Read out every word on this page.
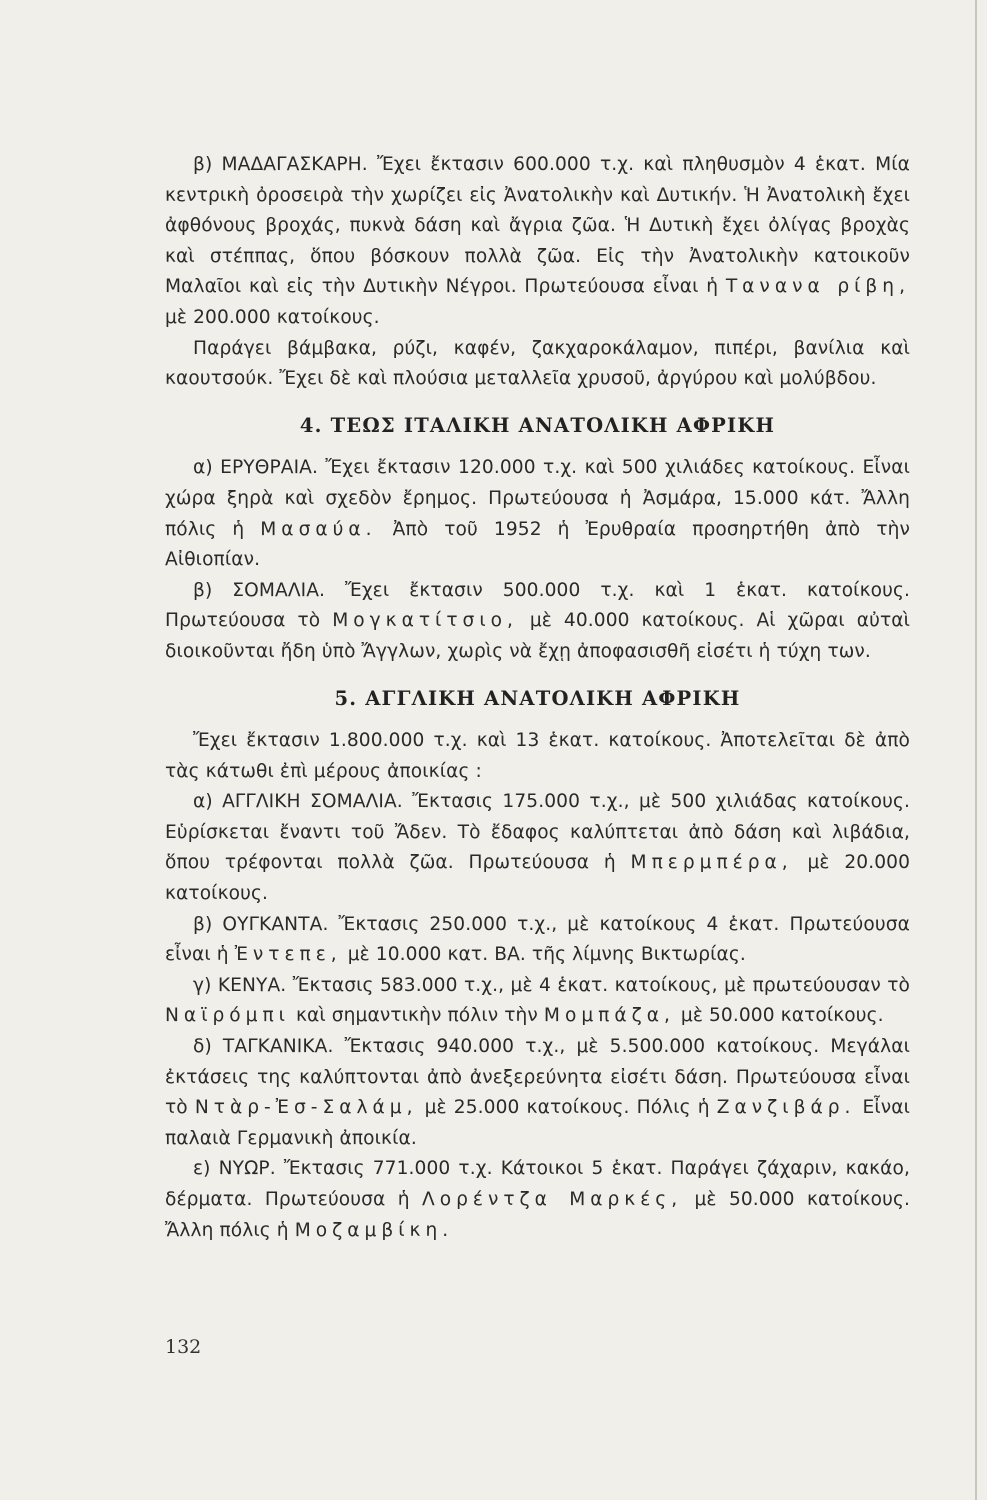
β) ΜΑΔΑΓΑΣΚΑΡΗ. Ἔχει ἔκτασιν 600.000 τ.χ. καὶ πληθυσμὸν 4 ἑκατ. Μία κεντρικὴ ὀροσειρὰ τὴν χωρίζει εἰς Ἀνατολικὴν καὶ Δυτικήν. Ἡ Ἀνατολικὴ ἔχει ἀφθόνους βροχάς, πυκνὰ δάση καὶ ἄγρια ζῶα. Ἡ Δυτικὴ ἔχει ὀλίγας βροχὰς καὶ στέππας, ὅπου βόσκουν πολλὰ ζῶα. Εἰς τὴν Ἀνατολικὴν κατοικοῦν Μαλαῖοι καὶ εἰς τὴν Δυτικὴν Νέγροι. Πρωτεύουσα εἶναι ἡ Τανανα ρίβη, μὲ 200.000 κατοίκους.

Παράγει βάμβακα, ρύζι, καφέν, ζακχαροκάλαμον, πιπέρι, βανίλια καὶ καουτσούκ. Ἔχει δὲ καὶ πλούσια μεταλλεῖα χρυσοῦ, ἀργύρου καὶ μολύβδου.

4. ΤΕΩΣ ΙΤΑΛΙΚΗ ΑΝΑΤΟΛΙΚΗ ΑΦΡΙΚΗ

α) ΕΡΥΘΡΑΙΑ. Ἔχει ἔκτασιν 120.000 τ.χ. καὶ 500 χιλιάδες κατοίκους. Εἶναι χώρα ξηρὰ καὶ σχεδὸν ἔρημος. Πρωτεύουσα ἡ Ἀσμάρα, 15.000 κάτ. Ἄλλη πόλις ἡ Μασαύα. Ἀπὸ τοῦ 1952 ἡ Ἐρυθραία προσηρτήθη ἀπὸ τὴν Αἰθιοπίαν.

β) ΣΟΜΑΛΙΑ. Ἔχει ἔκτασιν 500.000 τ.χ. καὶ 1 ἑκατ. κατοίκους. Πρωτεύουσα τὸ Μογκατίτσιο, μὲ 40.000 κατοίκους. Αἱ χῶραι αὐταὶ διοικοῦνται ἤδη ὑπὸ Ἄγγλων, χωρὶς νὰ ἔχῃ ἀποφασισθῆ εἰσέτι ἡ τύχη των.

5. ΑΓΓΛΙΚΗ ΑΝΑΤΟΛΙΚΗ ΑΦΡΙΚΗ

Ἔχει ἔκτασιν 1.800.000 τ.χ. καὶ 13 ἑκατ. κατοίκους. Ἀποτελεῖται δὲ ἀπὸ τὰς κάτωθι ἐπὶ μέρους ἀποικίας :

α) ΑΓΓΛΙΚΗ ΣΟΜΑΛΙΑ. Ἔκτασις 175.000 τ.χ., μὲ 500 χιλιάδας κατοίκους. Εὑρίσκεται ἔναντι τοῦ Ἄδεν. Τὸ ἔδαφος καλύπτεται ἀπὸ δάση καὶ λιβάδια, ὅπου τρέφονται πολλὰ ζῶα. Πρωτεύουσα ἡ Μπερμπέρα, μὲ 20.000 κατοίκους.

β) ΟΥΓΚΑΝΤΑ. Ἔκτασις 250.000 τ.χ., μὲ κατοίκους 4 ἑκατ. Πρωτεύουσα εἶναι ἡ Ἐντεπε, μὲ 10.000 κατ. ΒΑ. τῆς λίμνης Βικτωρίας.

γ) ΚΕΝΥΑ. Ἔκτασις 583.000 τ.χ., μὲ 4 ἑκατ. κατοίκους, μὲ πρωτεύουσαν τὸ Ναϊρόμπι καὶ σημαντικὴν πόλιν τὴν Μομπάζα, μὲ 50.000 κατοίκους.

δ) ΤΑΓΚΑΝΙΚΑ. Ἔκτασις 940.000 τ.χ., μὲ 5.500.000 κατοίκους. Μεγάλαι ἐκτάσεις της καλύπτονται ἀπὸ ἀνεξερεύνητα εἰσέτι δάση. Πρωτεύουσα εἶναι τὸ Ντὰρ-Ἐσ-Σαλάμ, μὲ 25.000 κατοίκους. Πόλις ἡ Ζανζιβάρ. Εἶναι παλαιὰ Γερμανικὴ ἀποικία.

ε) ΝΥΩΡ. Ἔκτασις 771.000 τ.χ. Κάτοικοι 5 ἑκατ. Παράγει ζάχαριν, κακάο, δέρματα. Πρωτεύουσα ἡ Λορέντζα Μαρκές, μὲ 50.000 κατοίκους. Ἄλλη πόλις ἡ Μοζαμβίκη.

132
